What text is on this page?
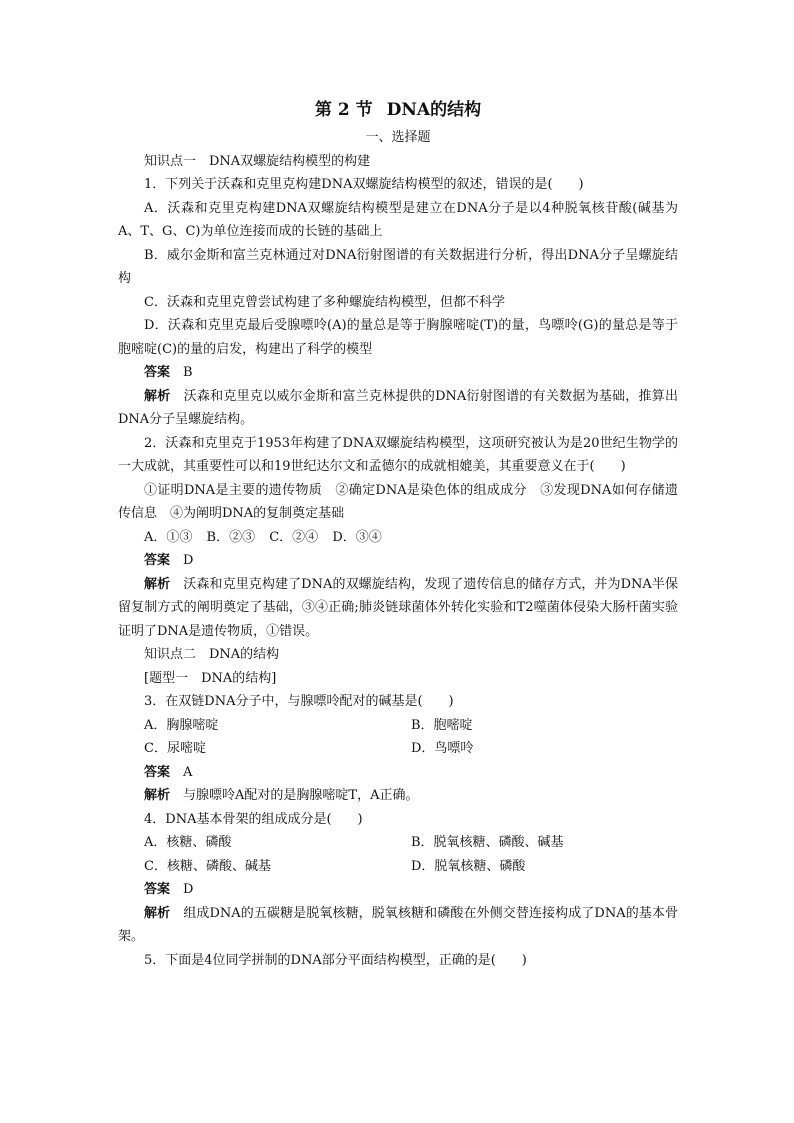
第 2 节 DNA的结构

一、选择题

知识点一　DNA双螺旋结构模型的构建

1．下列关于沃森和克里克构建DNA双螺旋结构模型的叙述，错误的是(　　)

A．沃森和克里克构建DNA双螺旋结构模型是建立在DNA分子是以4种脱氧核苷酸(碱基为A、T、G、C)为单位连接而成的长链的基础上

B．威尔金斯和富兰克林通过对DNA衍射图谱的有关数据进行分析，得出DNA分子呈螺旋结构

C．沃森和克里克曾尝试构建了多种螺旋结构模型，但都不科学

D．沃森和克里克最后受腺嘌呤(A)的量总是等于胸腺嘧啶(T)的量，鸟嘌呤(G)的量总是等于胞嘧啶(C)的量的启发，构建出了科学的模型

答案　 B

解析　 沃森和克里克以威尔金斯和富兰克林提供的DNA衍射图谱的有关数据为基础，推算出DNA分子呈螺旋结构。

2．沃森和克里克于1953年构建了DNA双螺旋结构模型，这项研究被认为是20世纪生物学的一大成就，其重要性可以和19世纪达尔文和孟德尔的成就相媲美，其重要意义在于(　　)

①证明DNA是主要的遗传物质　②确定DNA是染色体的组成成分　③发现DNA如何存储遗传信息　④为阐明DNA的复制奠定基础

A．①③ B．②③ C．②④ D．③④

答案　 D

解析　 沃森和克里克构建了DNA的双螺旋结构，发现了遗传信息的储存方式，并为DNA半保留复制方式的阐明奠定了基础，③④正确;肺炎链球菌体外转化实验和T2噬菌体侵染大肠杆菌实验证明了DNA是遗传物质，①错误。

知识点二　DNA的结构

[题型一　DNA的结构]

3．在双链DNA分子中，与腺嘌呤配对的碱基是(　　)

A．胸腺嘧啶	B．胞嘧啶
C．尿嘧啶	D．鸟嘌呤

答案　 A

解析　 与腺嘌呤A配对的是胸腺嘧啶T，A正确。

4．DNA基本骨架的组成成分是(　　)

A．核糖、磷酸	B．脱氧核糖、磷酸、碱基
C．核糖、磷酸、碱基	D．脱氧核糖、磷酸

答案　 D

解析　 组成DNA的五碳糖是脱氧核糖，脱氧核糖和磷酸在外侧交替连接构成了DNA的基本骨架。

5．下面是4位同学拼制的DNA部分平面结构模型，正确的是(　　)
